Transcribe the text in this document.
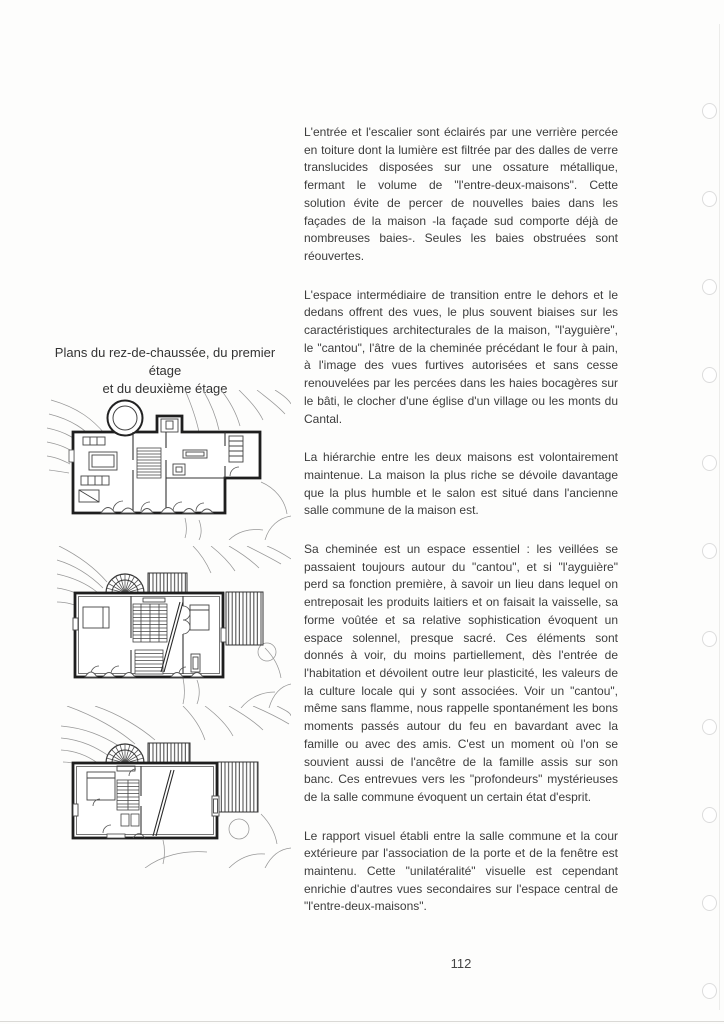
Plans du rez-de-chaussée, du premier étage
et du deuxième étage

L'entrée et l'escalier sont éclairés par une verrière percée en toiture dont la lumière est filtrée par des dalles de verre translucides disposées sur une ossature métallique, fermant le volume de "l'entre-deux-maisons". Cette solution évite de percer de nouvelles baies dans les façades de la maison -la façade sud comporte déjà de nombreuses baies-. Seules les baies obstruées sont réouvertes.

L'espace intermédiaire de transition entre le dehors et le dedans offrent des vues, le plus souvent biaises sur les caractéristiques architecturales de la maison, "l'ayguière", le "cantou", l'âtre de la cheminée précédant le four à pain, à l'image des vues furtives autorisées et sans cesse renouvelées par les percées dans les haies bocagères sur le bâti, le clocher d'une église d'un village ou les monts du Cantal.

La hiérarchie entre les deux maisons est volontairement maintenue. La maison la plus riche se dévoile davantage que la plus humble et le salon est situé dans l'ancienne salle commune de la maison est.

Sa cheminée est un espace essentiel : les veillées se passaient toujours autour du "cantou", et si "l'ayguière" perd sa fonction première, à savoir un lieu dans lequel on entreposait les produits laitiers et on faisait la vaisselle, sa forme voûtée et sa relative sophistication évoquent un espace solennel, presque sacré. Ces éléments sont donnés à voir, du moins partiellement, dès l'entrée de l'habitation et dévoilent outre leur plasticité, les valeurs de la culture locale qui y sont associées. Voir un "cantou", même sans flamme, nous rappelle spontanément les bons moments passés autour du feu en bavardant avec la famille ou avec des amis. C'est un moment où l'on se souvient aussi de l'ancêtre de la famille assis sur son banc. Ces entrevues vers les "profondeurs" mystérieuses de la salle commune évoquent un certain état d'esprit.

Le rapport visuel établi entre la salle commune et la cour extérieure par l'association de la porte et de la fenêtre est maintenu. Cette "unilatéralité" visuelle est cependant enrichie d'autres vues secondaires sur l'espace central de "l'entre-deux-maisons".

112
